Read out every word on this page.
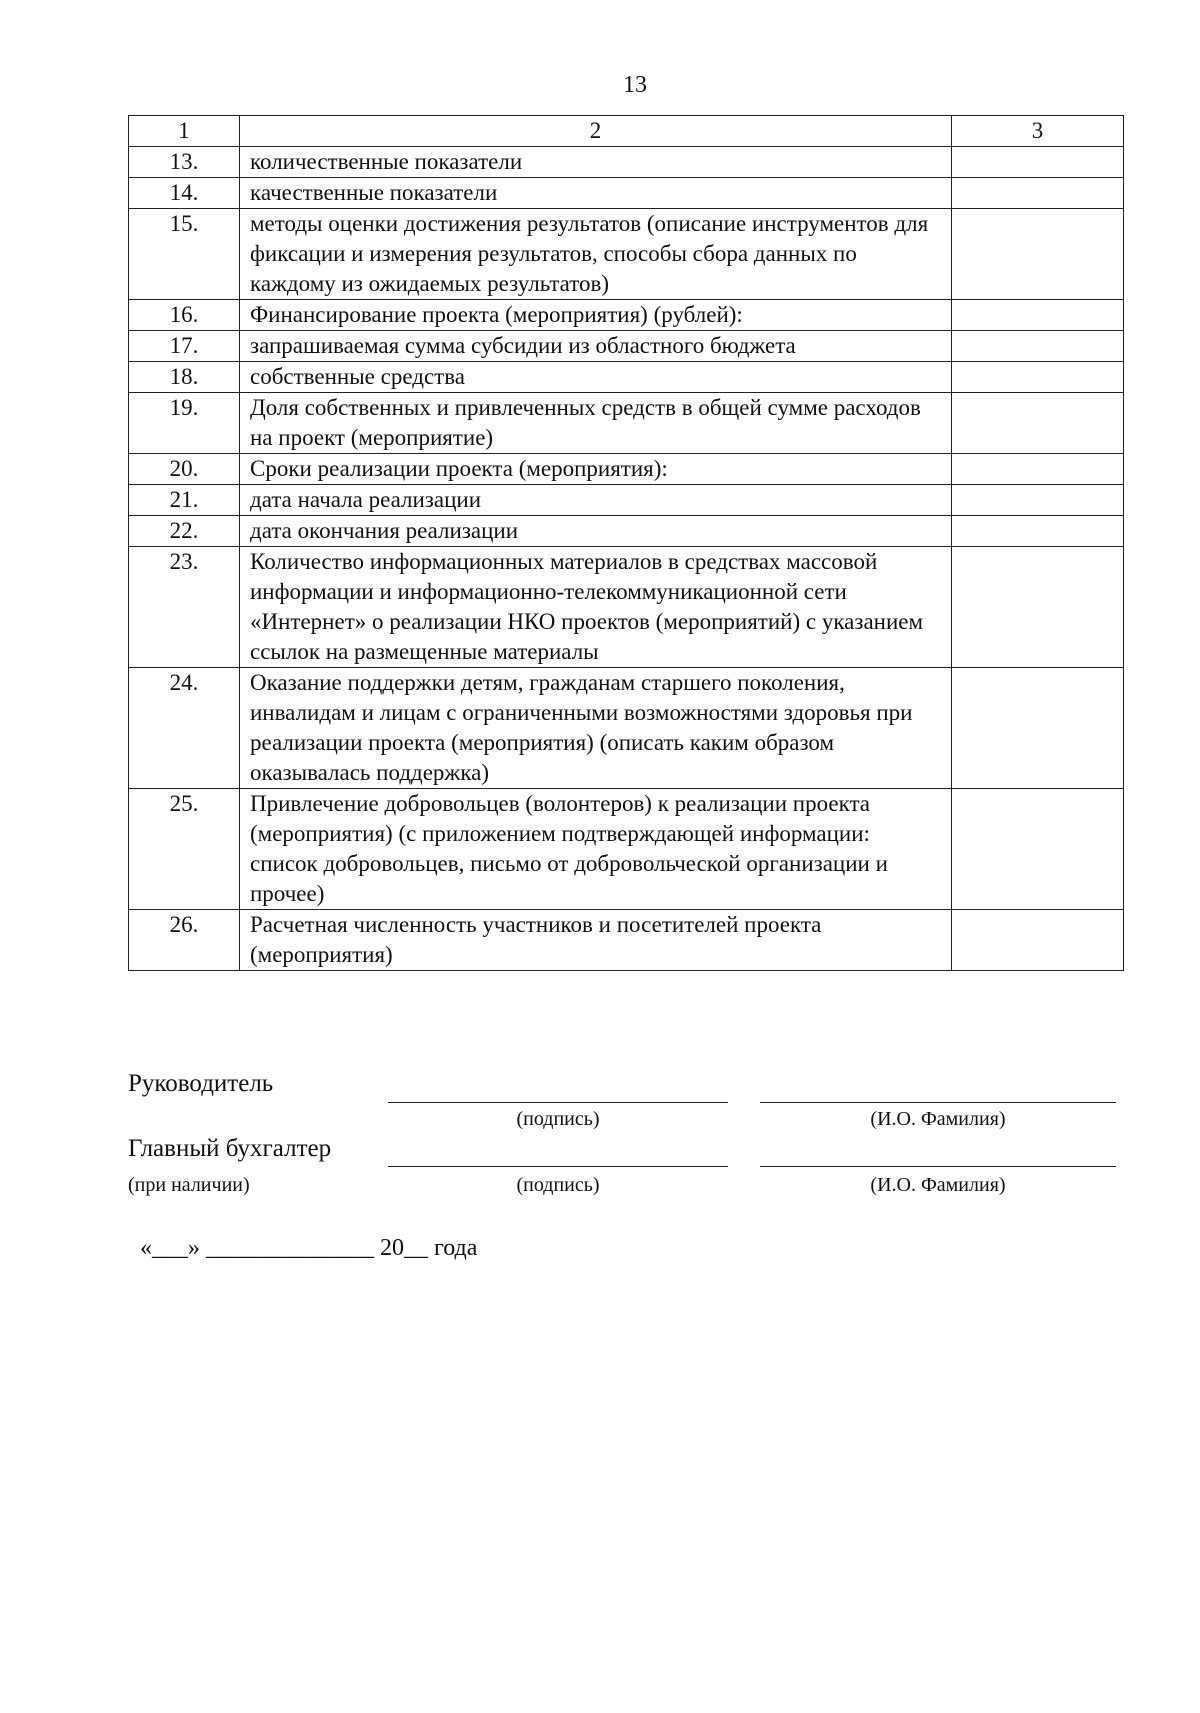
13
1	2	3
13.	количественные показатели	
14.	качественные показатели	
15.	методы оценки достижения результатов (описание инструментов для фиксации и измерения результатов, способы сбора данных по каждому из ожидаемых результатов)	
16.	Финансирование проекта (мероприятия) (рублей):	
17.	запрашиваемая сумма субсидии из областного бюджета	
18.	собственные средства	
19.	Доля собственных и привлеченных средств в общей сумме расходов на проект (мероприятие)	
20.	Сроки реализации проекта (мероприятия):	
21.	дата начала реализации	
22.	дата окончания реализации	
23.	Количество информационных материалов в средствах массовой информации и информационно-телекоммуникационной сети «Интернет» о реализации НКО проектов (мероприятий) с указанием ссылок на размещенные материалы	
24.	Оказание поддержки детям, гражданам старшего поколения, инвалидам и лицам с ограниченными возможностями здоровья при реализации проекта (мероприятия) (описать каким образом оказывалась поддержка)	
25.	Привлечение добровольцев (волонтеров) к реализации проекта (мероприятия) (с приложением подтверждающей информации: список добровольцев, письмо от добровольческой организации и прочее)	
26.	Расчетная численность участников и посетителей проекта (мероприятия)	
Руководитель
(подпись)	(И.О. Фамилия)
Главный бухгалтер
(при наличии)	(подпись)	(И.О. Фамилия)
«___» ______________ 20__ года
